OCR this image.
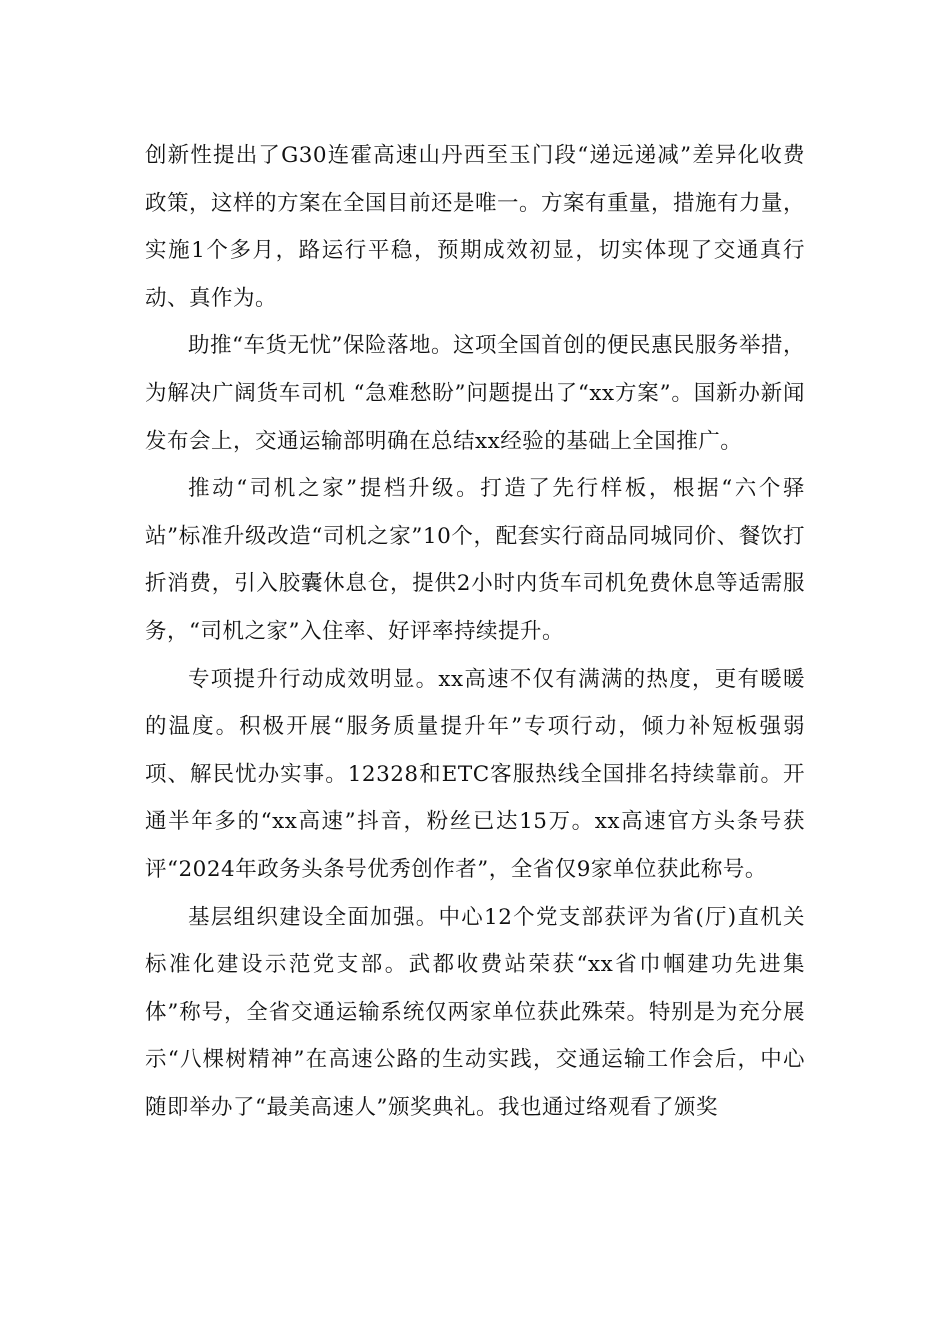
创新性提出了G30连霍高速山丹西至玉门段“递远递减”差异化收费政策，这样的方案在全国目前还是唯一。方案有重量，措施有力量，实施1个多月，路运行平稳，预期成效初显，切实体现了交通真行动、真作为。

助推“车货无忧”保险落地。这项全国首创的便民惠民服务举措，为解决广阔货车司机 “急难愁盼”问题提出了“xx方案”。国新办新闻发布会上，交通运输部明确在总结xx经验的基础上全国推广。

推动“司机之家”提档升级。打造了先行样板，根据“六个驿站”标准升级改造“司机之家”10个，配套实行商品同城同价、餐饮打折消费，引入胶囊休息仓，提供2小时内货车司机免费休息等适需服务，“司机之家”入住率、好评率持续提升。

专项提升行动成效明显。xx高速不仅有满满的热度，更有暖暖的温度。积极开展“服务质量提升年”专项行动，倾力补短板强弱项、解民忧办实事。12328和ETC客服热线全国排名持续靠前。开通半年多的“xx高速”抖音，粉丝已达15万。xx高速官方头条号获评“2024年政务头条号优秀创作者”，全省仅9家单位获此称号。

基层组织建设全面加强。中心12个党支部获评为省(厅)直机关标准化建设示范党支部。武都收费站荣获“xx省巾帼建功先进集体”称号，全省交通运输系统仅两家单位获此殊荣。特别是为充分展示“八棵树精神”在高速公路的生动实践，交通运输工作会后，中心随即举办了“最美高速人”颁奖典礼。我也通过络观看了颁奖
